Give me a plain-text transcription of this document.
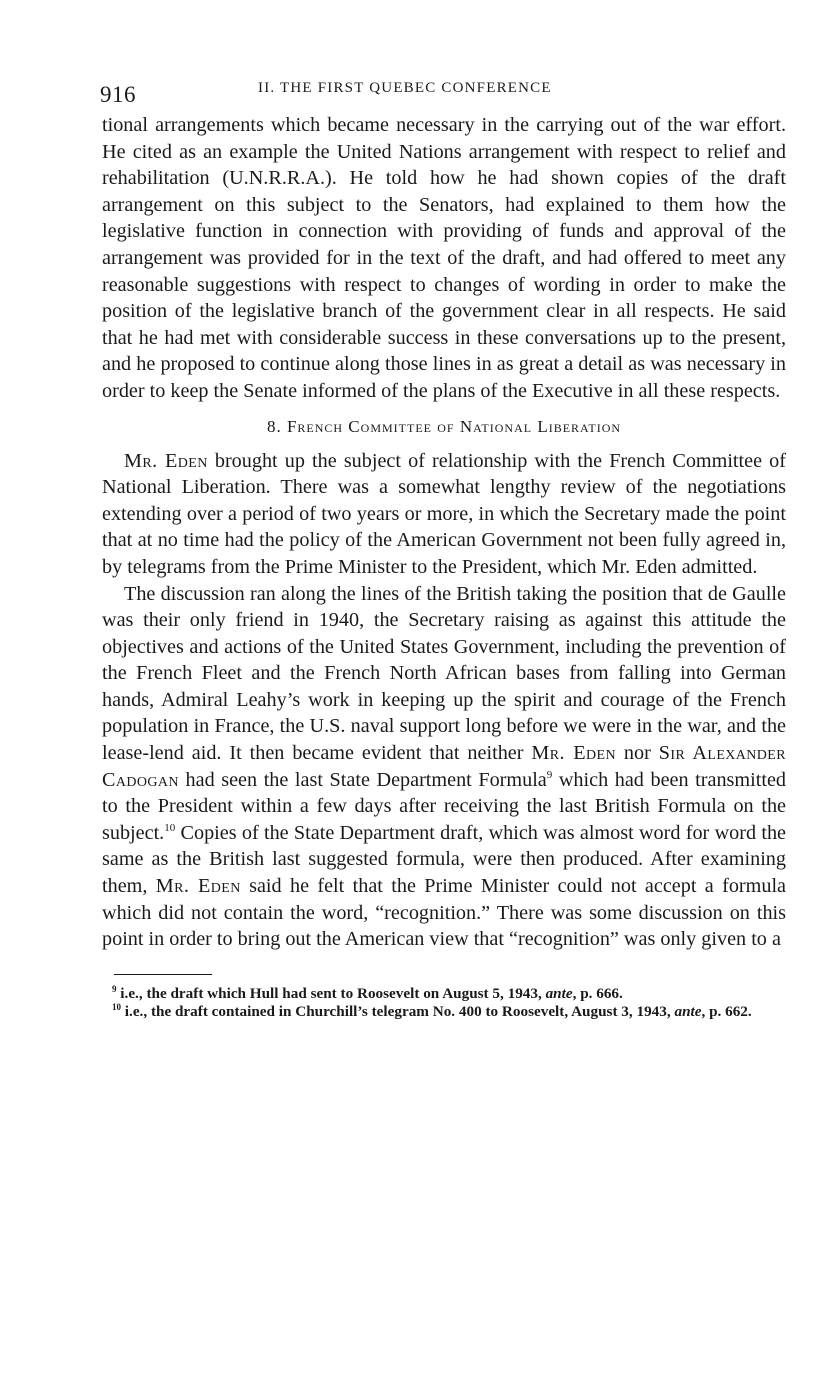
916	II. THE FIRST QUEBEC CONFERENCE

tional arrangements which became necessary in the carrying out of the war effort. He cited as an example the United Nations arrangement with respect to relief and rehabilitation (U.N.R.R.A.). He told how he had shown copies of the draft arrangement on this subject to the Senators, had explained to them how the legislative function in connection with providing of funds and approval of the arrangement was provided for in the text of the draft, and had offered to meet any reasonable suggestions with respect to changes of wording in order to make the position of the legislative branch of the government clear in all respects. He said that he had met with considerable success in these conversations up to the present, and he proposed to continue along those lines in as great a detail as was necessary in order to keep the Senate informed of the plans of the Executive in all these respects.

8. French Committee of National Liberation

Mr. Eden brought up the subject of relationship with the French Committee of National Liberation. There was a somewhat lengthy review of the negotiations extending over a period of two years or more, in which the Secretary made the point that at no time had the policy of the American Government not been fully agreed in, by telegrams from the Prime Minister to the President, which Mr. Eden admitted.

The discussion ran along the lines of the British taking the position that de Gaulle was their only friend in 1940, the Secretary raising as against this attitude the objectives and actions of the United States Government, including the prevention of the French Fleet and the French North African bases from falling into German hands, Admiral Leahy’s work in keeping up the spirit and courage of the French population in France, the U.S. naval support long before we were in the war, and the lease-lend aid. It then became evident that neither Mr. Eden nor Sir Alexander Cadogan had seen the last State Department Formula$^9$ which had been transmitted to the President within a few days after receiving the last British Formula on the subject.$^{10}$ Copies of the State Department draft, which was almost word for word the same as the British last suggested formula, were then produced. After examining them, Mr. Eden said he felt that the Prime Minister could not accept a formula which did not contain the word, “recognition.” There was some discussion on this point in order to bring out the American view that “recognition” was only given to a

$^9$ i.e., the draft which Hull had sent to Roosevelt on August 5, 1943, ante, p. 666.

$^{10}$ i.e., the draft contained in Churchill’s telegram No. 400 to Roosevelt, August 3, 1943, ante, p. 662.
